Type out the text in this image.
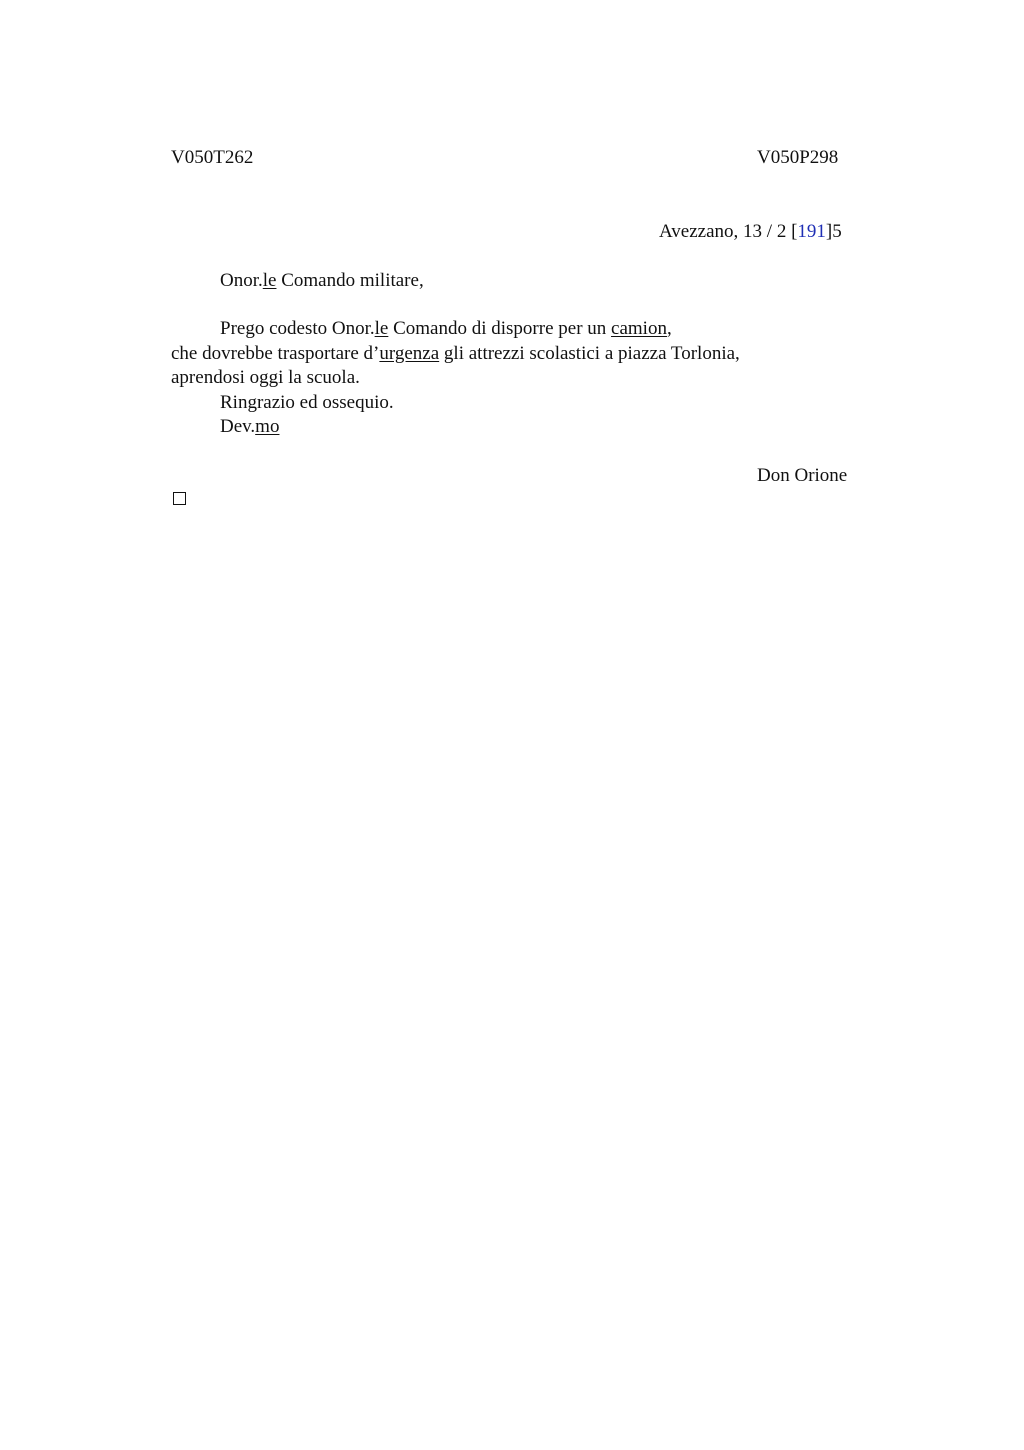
V050T262	V050P298
Avezzano, 13 / 2 [191]5
Onor.le Comando militare,
Prego codesto Onor.le Comando di disporre per un camion,
che dovrebbe trasportare d’urgenza gli attrezzi scolastici a piazza Torlonia,
aprendosi oggi la scuola.
Ringrazio ed ossequio.
Dev.mo
Don Orione
